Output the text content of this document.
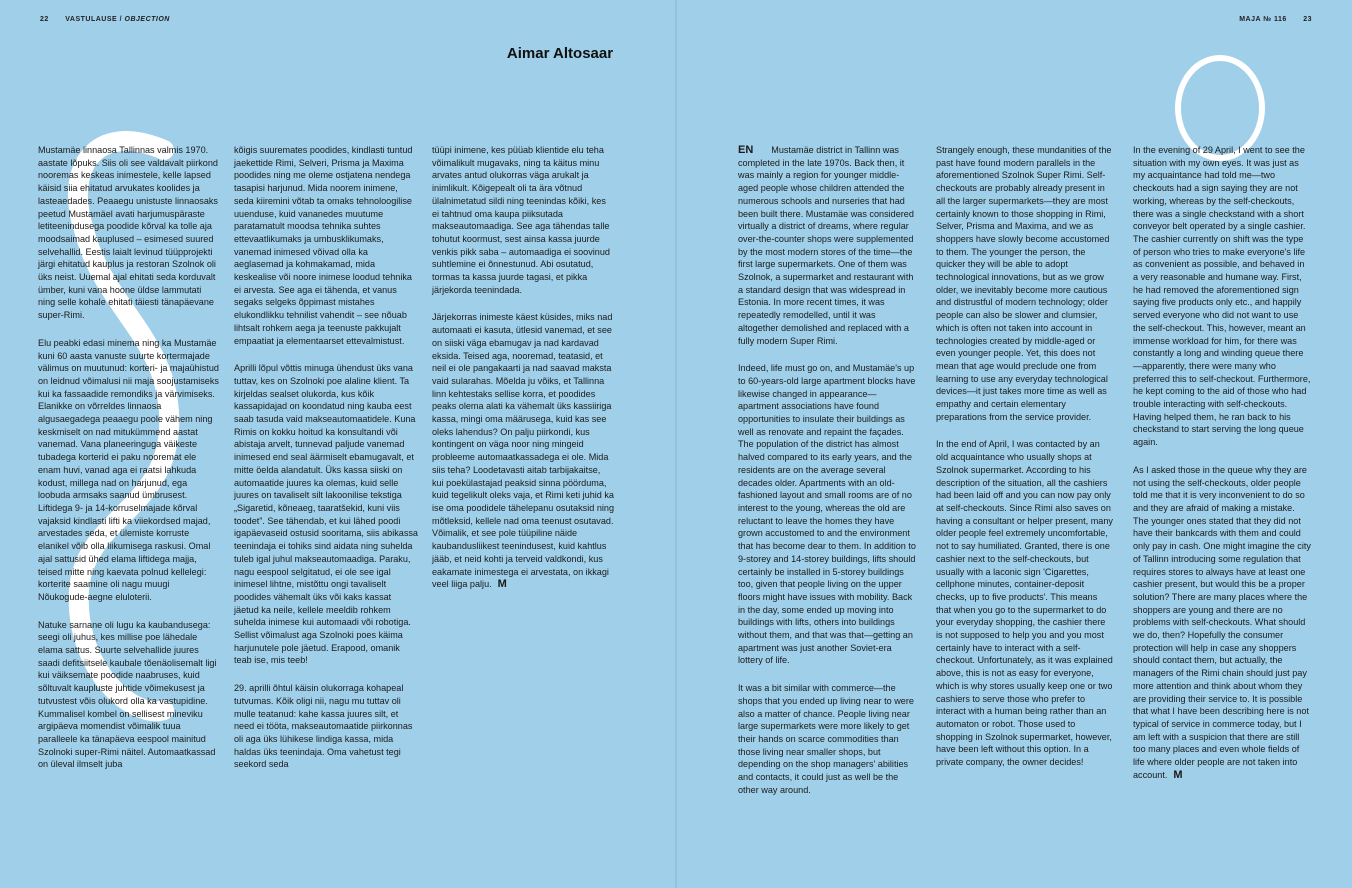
22 VASTULAUSE / OBJECTION	MAJA № 116 23
Aimar Altosaar

Mustamäe linnaosa Tallinnas valmis 1970. aastate lõpuks. Siis oli see valdavalt piirkond nooremas keskeas inimestele, kelle lapsed käisid siia ehitatud arvukates koolides ja lasteaedades. Peaaegu unistuste linnaosaks peetud Mustamäel avati harjumuspäraste letiteenindusega poodide kõrval ka tolle aja moodsaimad kauplused – esimesed suured selvehallid. Eestis laialt levinud tüüpprojekti järgi ehitatud kauplus ja restoran Szolnok oli üks neist. Uuemal ajal ehitati seda korduvalt ümber, kuni vana hoone üldse lammutati ning selle kohale ehitati täiesti tänapäevane super-Rimi.

Elu peabki edasi minema ning ka Mustamäe kuni 60 aasta vanuste suurte kortermajade välimus on muutunud: korteri- ja majaühistud on leidnud võimalusi nii maja soojustamiseks kui ka fassaadide remondiks ja värvimiseks. Elanikke on võrreldes linnaosa algusaegadega peaaegu poole vähem ning keskmiselt on nad mitukümmend aastat vanemad. Vana planeeringuga väikeste tubadega korterid ei paku nooremat ele enam huvi, vanad aga ei raatsi lahkuda kodust, millega nad on harjunud, ega loobuda armsaks saanud ümbrusest. Liftidega 9- ja 14-korruselmajade kõrval vajaksid kindlasti lifti ka viiekordsed majad, arvestades seda, et ülemiste korruste elanikel võib olla liikumisega raskusi. Omal ajal sattusid ühed elama liftidega majja, teised mitte ning kaevata polnud kellelegi: korterite saamine oli nagu muugi Nõukogude-aegne eluloterii.

Natuke sarnane oli lugu ka kaubandusega: seegi oli juhus, kes millise poe lähedale elama sattus. Suurte selvehallide juures saadi defitsiitsele kaubale tõenäolisemalt ligi kui väiksemate poodide naabruses, kuid sõltuvalt kaupluste juhtide võimekusest ja tutvustest võis olukord olla ka vastupidine. Kummalisel kombel on sellisest mineviku argipäeva momendist võimalik tuua paralleele ka tänapäeva eespool mainitud Szolnoki super-Rimi näitel. Automaatkassad on üleval ilmselt juba

kõigis suuremates poodides, kindlasti tuntud jaekettide Rimi, Selveri, Prisma ja Maxima poodides ning me oleme ostjatena nendega tasapisi harjunud. Mida noorem inimene, seda kiiremini võtab ta omaks tehnoloogilise uuenduse, kuid vananedes muutume paratamatult moodsa tehnika suhtes ettevaatlikumaks ja umbusklikumaks, vanemad inimesed võivad olla ka aeglasemad ja kohmakamad, mida keskealise või noore inimese loodud tehnika ei arvesta. See aga ei tähenda, et vanus segaks selgeks õppimast mistahes elukondlikku tehnilist vahendit – see nõuab lihtsalt rohkem aega ja teenuste pakkujalt empaatiat ja elementaarset ettevalmistust.

Aprilli lõpul võttis minuga ühendust üks vana tuttav, kes on Szolnoki poe alaline klient. Ta kirjeldas sealset olukorda, kus kõik kassapidajad on koondatud ning kauba eest saab tasuda vaid makseautomaatidele. Kuna Rimis on kokku hoitud ka konsultandi või abistaja arvelt, tunnevad paljude vanemad inimesed end seal äärmiselt ebamugavalt, et mitte öelda alandatult. Üks kassa siiski on automaatide juures ka olemas, kuid selle juures on tavaliselt silt lakoonilise tekstiga „Sigaretid, kõneaeg, taaratšekid, kuni viis toodet”. See tähendab, et kui lähed poodi igapäevaseid ostusid sooritama, siis abikassa teenindaja ei tohiks sind aidata ning suhelda tuleb igal juhul makseautomaadiga. Paraku, nagu eespool selgitatud, ei ole see igal inimesel lihtne, mistõttu ongi tavaliselt poodides vähemalt üks või kaks kassat jäetud ka neile, kellele meeldib rohkem suhelda inimese kui automaadi või robotiga. Sellist võimalust aga Szolnoki poes käima harjunutele pole jäetud. Erapood, omanik teab ise, mis teeb!

29. aprilli õhtul käisin olukorraga kohapeal tutvumas. Kõik oligi nii, nagu mu tuttav oli mulle teatanud: kahe kassa juures silt, et need ei tööta, makseautomaatide piirkonnas oli aga üks lühikese lindiga kassa, mida haldas üks teenindaja. Oma vahetust tegi seekord seda

tüüpi inimene, kes püüab klientide elu teha võimalikult mugavaks, ning ta käitus minu arvates antud olukorras väga arukalt ja inimlikult. Kõigepealt oli ta ära võtnud ülalnimetatud sildi ning teenindas kõiki, kes ei tahtnud oma kaupa piiksutada makseautomaadiga. See aga tähendas talle tohutut koormust, sest ainsa kassa juurde venkis pikk saba – automaadiga ei soovinud suhtlemine ei õnnestunud. Abi osutatud, tormas ta kassa juurde tagasi, et pikka järjekorda teenindada.

Järjekorras inimeste käest küsides, miks nad automaati ei kasuta, ütlesid vanemad, et see on siiski väga ebamugav ja nad kardavad eksida. Teised aga, nooremad, teatasid, et neil ei ole pangakaarti ja nad saavad maksta vaid sularahas. Mõelda ju võiks, et Tallinna linn kehtestaks sellise korra, et poodides peaks olema alati ka vähemalt üks kassiiriga kassa, mingi oma määrusega, kuid kas see oleks lahendus? On palju piirkondi, kus kontingent on väga noor ning mingeid probleeme automaatkassadega ei ole. Mida siis teha? Loodetavasti aitab tarbijakaitse, kui poekülastajad peaksid sinna pöörduma, kuid tegelikult oleks vaja, et Rimi keti juhid ka ise oma poodidele tähelepanu osutaksid ning mõtleksid, kellele nad oma teenust osutavad. Võimalik, et see pole tüüpiline näide kaubandusliikest teenindusest, kuid kahtlus jääb, et neid kohti ja terveid valdkondi, kus eakamate inimestega ei arvestata, on ikkagi veel liiga palju. M

EN Mustamäe district in Tallinn was completed in the late 1970s. Back then, it was mainly a region for younger middle-aged people whose children attended the numerous schools and nurseries that had been built there. Mustamäe was considered virtually a district of dreams, where regular over-the-counter shops were supplemented by the most modern stores of the time—the first large supermarkets. One of them was Szolnok, a supermarket and restaurant with a standard design that was widespread in Estonia. In more recent times, it was repeatedly remodelled, until it was altogether demolished and replaced with a fully modern Super Rimi.

Indeed, life must go on, and Mustamäe's up to 60-years-old large apartment blocks have likewise changed in appearance—apartment associations have found opportunities to insulate their buildings as well as renovate and repaint the façades. The population of the district has almost halved compared to its early years, and the residents are on the average several decades older. Apartments with an old-fashioned layout and small rooms are of no interest to the young, whereas the old are reluctant to leave the homes they have grown accustomed to and the environment that has become dear to them. In addition to 9-storey and 14-storey buildings, lifts should certainly be installed in 5-storey buildings too, given that people living on the upper floors might have issues with mobility. Back in the day, some ended up moving into buildings with lifts, others into buildings without them, and that was that—getting an apartment was just another Soviet-era lottery of life.

It was a bit similar with commerce—the shops that you ended up living near to were also a matter of chance. People living near large supermarkets were more likely to get their hands on scarce commodities than those living near smaller shops, but depending on the shop managers' abilities and contacts, it could just as well be the other way around.

Strangely enough, these mundanities of the past have found modern parallels in the aforementioned Szolnok Super Rimi. Self-checkouts are probably already present in all the larger supermarkets—they are most certainly known to those shopping in Rimi, Selver, Prisma and Maxima, and we as shoppers have slowly become accustomed to them. The younger the person, the quicker they will be able to adopt technological innovations, but as we grow older, we inevitably become more cautious and distrustful of modern technology; older people can also be slower and clumsier, which is often not taken into account in technologies created by middle-aged or even younger people. Yet, this does not mean that age would preclude one from learning to use any everyday technological devices—it just takes more time as well as empathy and certain elementary preparations from the service provider.

In the end of April, I was contacted by an old acquaintance who usually shops at Szolnok supermarket. According to his description of the situation, all the cashiers had been laid off and you can now pay only at self-checkouts. Since Rimi also saves on having a consultant or helper present, many older people feel extremely uncomfortable, not to say humiliated. Granted, there is one cashier next to the self-checkouts, but usually with a laconic sign 'Cigarettes, cellphone minutes, container-deposit checks, up to five products'. This means that when you go to the supermarket to do your everyday shopping, the cashier there is not supposed to help you and you most certainly have to interact with a self-checkout. Unfortunately, as it was explained above, this is not as easy for everyone, which is why stores usually keep one or two cashiers to serve those who prefer to interact with a human being rather than an automaton or robot. Those used to shopping in Szolnok supermarket, however, have been left without this option. In a private company, the owner decides!

In the evening of 29 April, I went to see the situation with my own eyes. It was just as my acquaintance had told me—two checkouts had a sign saying they are not working, whereas by the self-checkouts, there was a single checkstand with a short conveyor belt operated by a single cashier. The cashier currently on shift was the type of person who tries to make everyone's life as convenient as possible, and behaved in a very reasonable and humane way. First, he had removed the aforementioned sign saying five products only etc., and happily served everyone who did not want to use the self-checkout. This, however, meant an immense workload for him, for there was constantly a long and winding queue there—apparently, there were many who preferred this to self-checkout. Furthermore, he kept coming to the aid of those who had trouble interacting with self-checkouts. Having helped them, he ran back to his checkstand to start serving the long queue again.

As I asked those in the queue why they are not using the self-checkouts, older people told me that it is very inconvenient to do so and they are afraid of making a mistake. The younger ones stated that they did not have their bankcards with them and could only pay in cash. One might imagine the city of Tallinn introducing some regulation that requires stores to always have at least one cashier present, but would this be a proper solution? There are many places where the shoppers are young and there are no problems with self-checkouts. What should we do, then? Hopefully the consumer protection will help in case any shoppers should contact them, but actually, the managers of the Rimi chain should just pay more attention and think about whom they are providing their service to. It is possible that what I have been describing here is not typical of service in commerce today, but I am left with a suspicion that there are still too many places and even whole fields of life where older people are not taken into account. M
